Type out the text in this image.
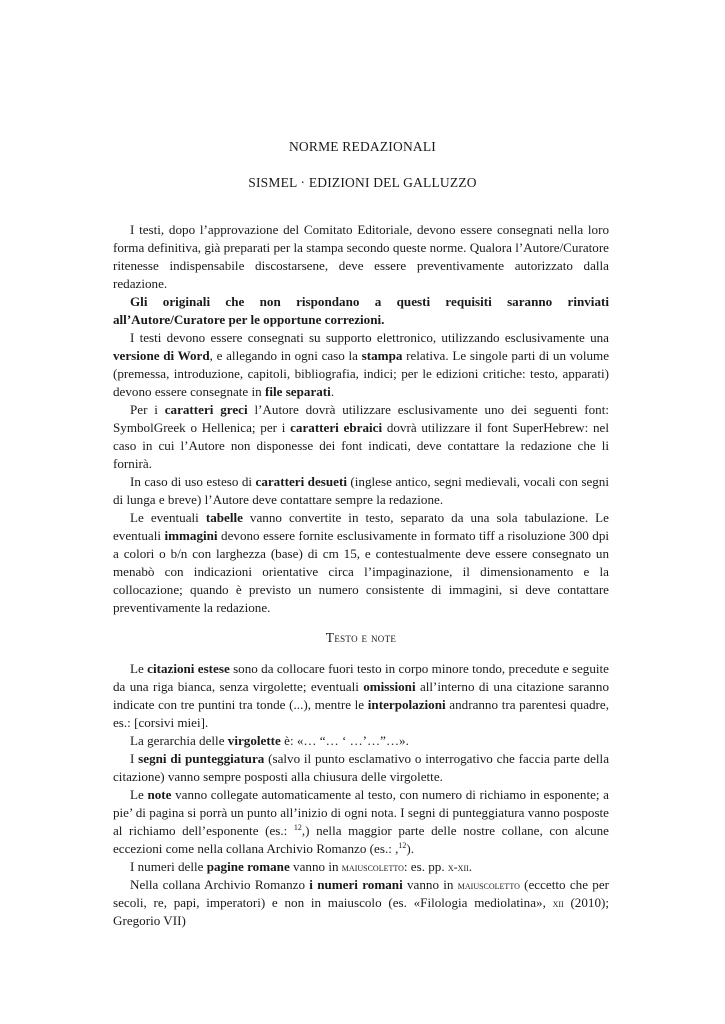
NORME REDAZIONALI
SISMEL · EDIZIONI DEL GALLUZZO

I testi, dopo l’approvazione del Comitato Editoriale, devono essere consegnati nella loro forma definitiva, già preparati per la stampa secondo queste norme. Qualora l’Autore/Curatore ritenesse indispensabile discostarsene, deve essere preventivamente autorizzato dalla redazione.

Gli originali che non rispondano a questi requisiti saranno rinviati all’Autore/Curatore per le opportune correzioni.

I testi devono essere consegnati su supporto elettronico, utilizzando esclusivamente una versione di Word, e allegando in ogni caso la stampa relativa. Le singole parti di un volume (premessa, introduzione, capitoli, bibliografia, indici; per le edizioni critiche: testo, apparati) devono essere consegnate in file separati.

Per i caratteri greci l’Autore dovrà utilizzare esclusivamente uno dei seguenti font: SymbolGreek o Hellenica; per i caratteri ebraici dovrà utilizzare il font SuperHebrew: nel caso in cui l’Autore non disponesse dei font indicati, deve contattare la redazione che li fornirà.

In caso di uso esteso di caratteri desueti (inglese antico, segni medievali, vocali con segni di lunga e breve) l’Autore deve contattare sempre la redazione.

Le eventuali tabelle vanno convertite in testo, separato da una sola tabulazione. Le eventuali immagini devono essere fornite esclusivamente in formato tiff a risoluzione 300 dpi a colori o b/n con larghezza (base) di cm 15, e contestualmente deve essere consegnato un menabò con indicazioni orientative circa l’impaginazione, il dimensionamento e la collocazione; quando è previsto un numero consistente di immagini, si deve contattare preventivamente la redazione.

Testo e note

Le citazioni estese sono da collocare fuori testo in corpo minore tondo, precedute e seguite da una riga bianca, senza virgolette; eventuali omissioni all’interno di una citazione saranno indicate con tre puntini tra tonde (...), mentre le interpolazioni andranno tra parentesi quadre, es.: [corsivi miei].

La gerarchia delle virgolette è: «… “… ‘ …’…”…».

I segni di punteggiatura (salvo il punto esclamativo o interrogativo che faccia parte della citazione) vanno sempre posposti alla chiusura delle virgolette.

Le note vanno collegate automaticamente al testo, con numero di richiamo in esponente; a pie’ di pagina si porrà un punto all’inizio di ogni nota. I segni di punteggiatura vanno posposte al richiamo dell’esponente (es.: $^{12}$,) nella maggior parte delle nostre collane, con alcune eccezioni come nella collana Archivio Romanzo (es.: ,$^{12}$).

I numeri delle pagine romane vanno in maiuscoletto: es. pp. x-xii.

Nella collana Archivio Romanzo i numeri romani vanno in maiuscoletto (eccetto che per secoli, re, papi, imperatori) e non in maiuscolo (es. «Filologia mediolatina», xii (2010); Gregorio VII)
